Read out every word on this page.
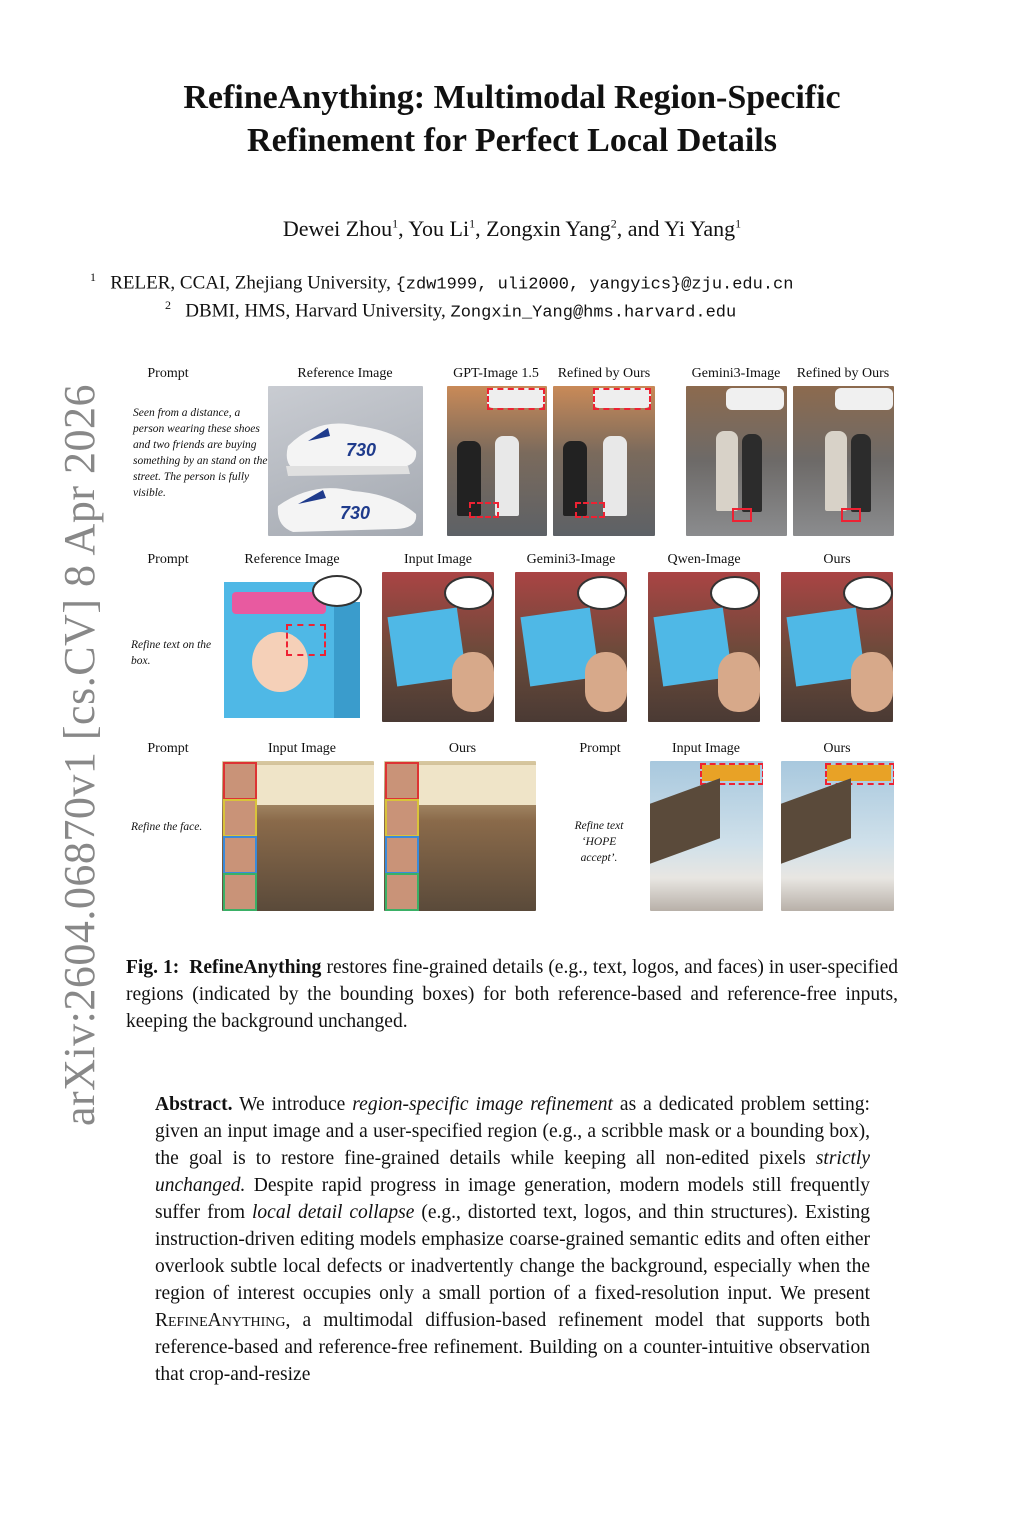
arXiv:2604.06870v1 [cs.CV] 8 Apr 2026
RefineAnything: Multimodal Region-Specific
Refinement for Perfect Local Details
Dewei Zhou$^1$, You Li$^1$, Zongxin Yang$^2$, and Yi Yang$^1$
$^1$ RELER, CCAI, Zhejiang University, {zdw1999, uli2000, yangyics}@zju.edu.cn
$^2$ DBMI, HMS, Harvard University, Zongxin_Yang@hms.harvard.edu
Prompt	Reference Image	GPT-Image 1.5	Refined by Ours	Gemini3-Image	Refined by Ours
Seen from a distance, a person wearing these shoes and two friends are buying something by an stand on the street. The person is fully visible.
730
730
Prompt	Reference Image	Input Image	Gemini3-Image	Qwen-Image	Ours
Refine text on the box.
Prompt	Input Image	Ours	Prompt	Input Image	Ours
Refine the face.	Refine text ‘HOPE accept’.
Fig. 1: RefineAnything restores fine-grained details (e.g., text, logos, and faces) in user-specified regions (indicated by the bounding boxes) for both reference-based and reference-free inputs, keeping the background unchanged.
Abstract. We introduce region-specific image refinement as a dedicated problem setting: given an input image and a user-specified region (e.g., a scribble mask or a bounding box), the goal is to restore fine-grained details while keeping all non-edited pixels strictly unchanged. Despite rapid progress in image generation, modern models still frequently suffer from local detail collapse (e.g., distorted text, logos, and thin structures). Existing instruction-driven editing models emphasize coarse-grained semantic edits and often either overlook subtle local defects or inadvertently change the background, especially when the region of interest occupies only a small portion of a fixed-resolution input. We present RefineAnything, a multimodal diffusion-based refinement model that supports both reference-based and reference-free refinement. Building on a counter-intuitive observation that crop-and-resize
